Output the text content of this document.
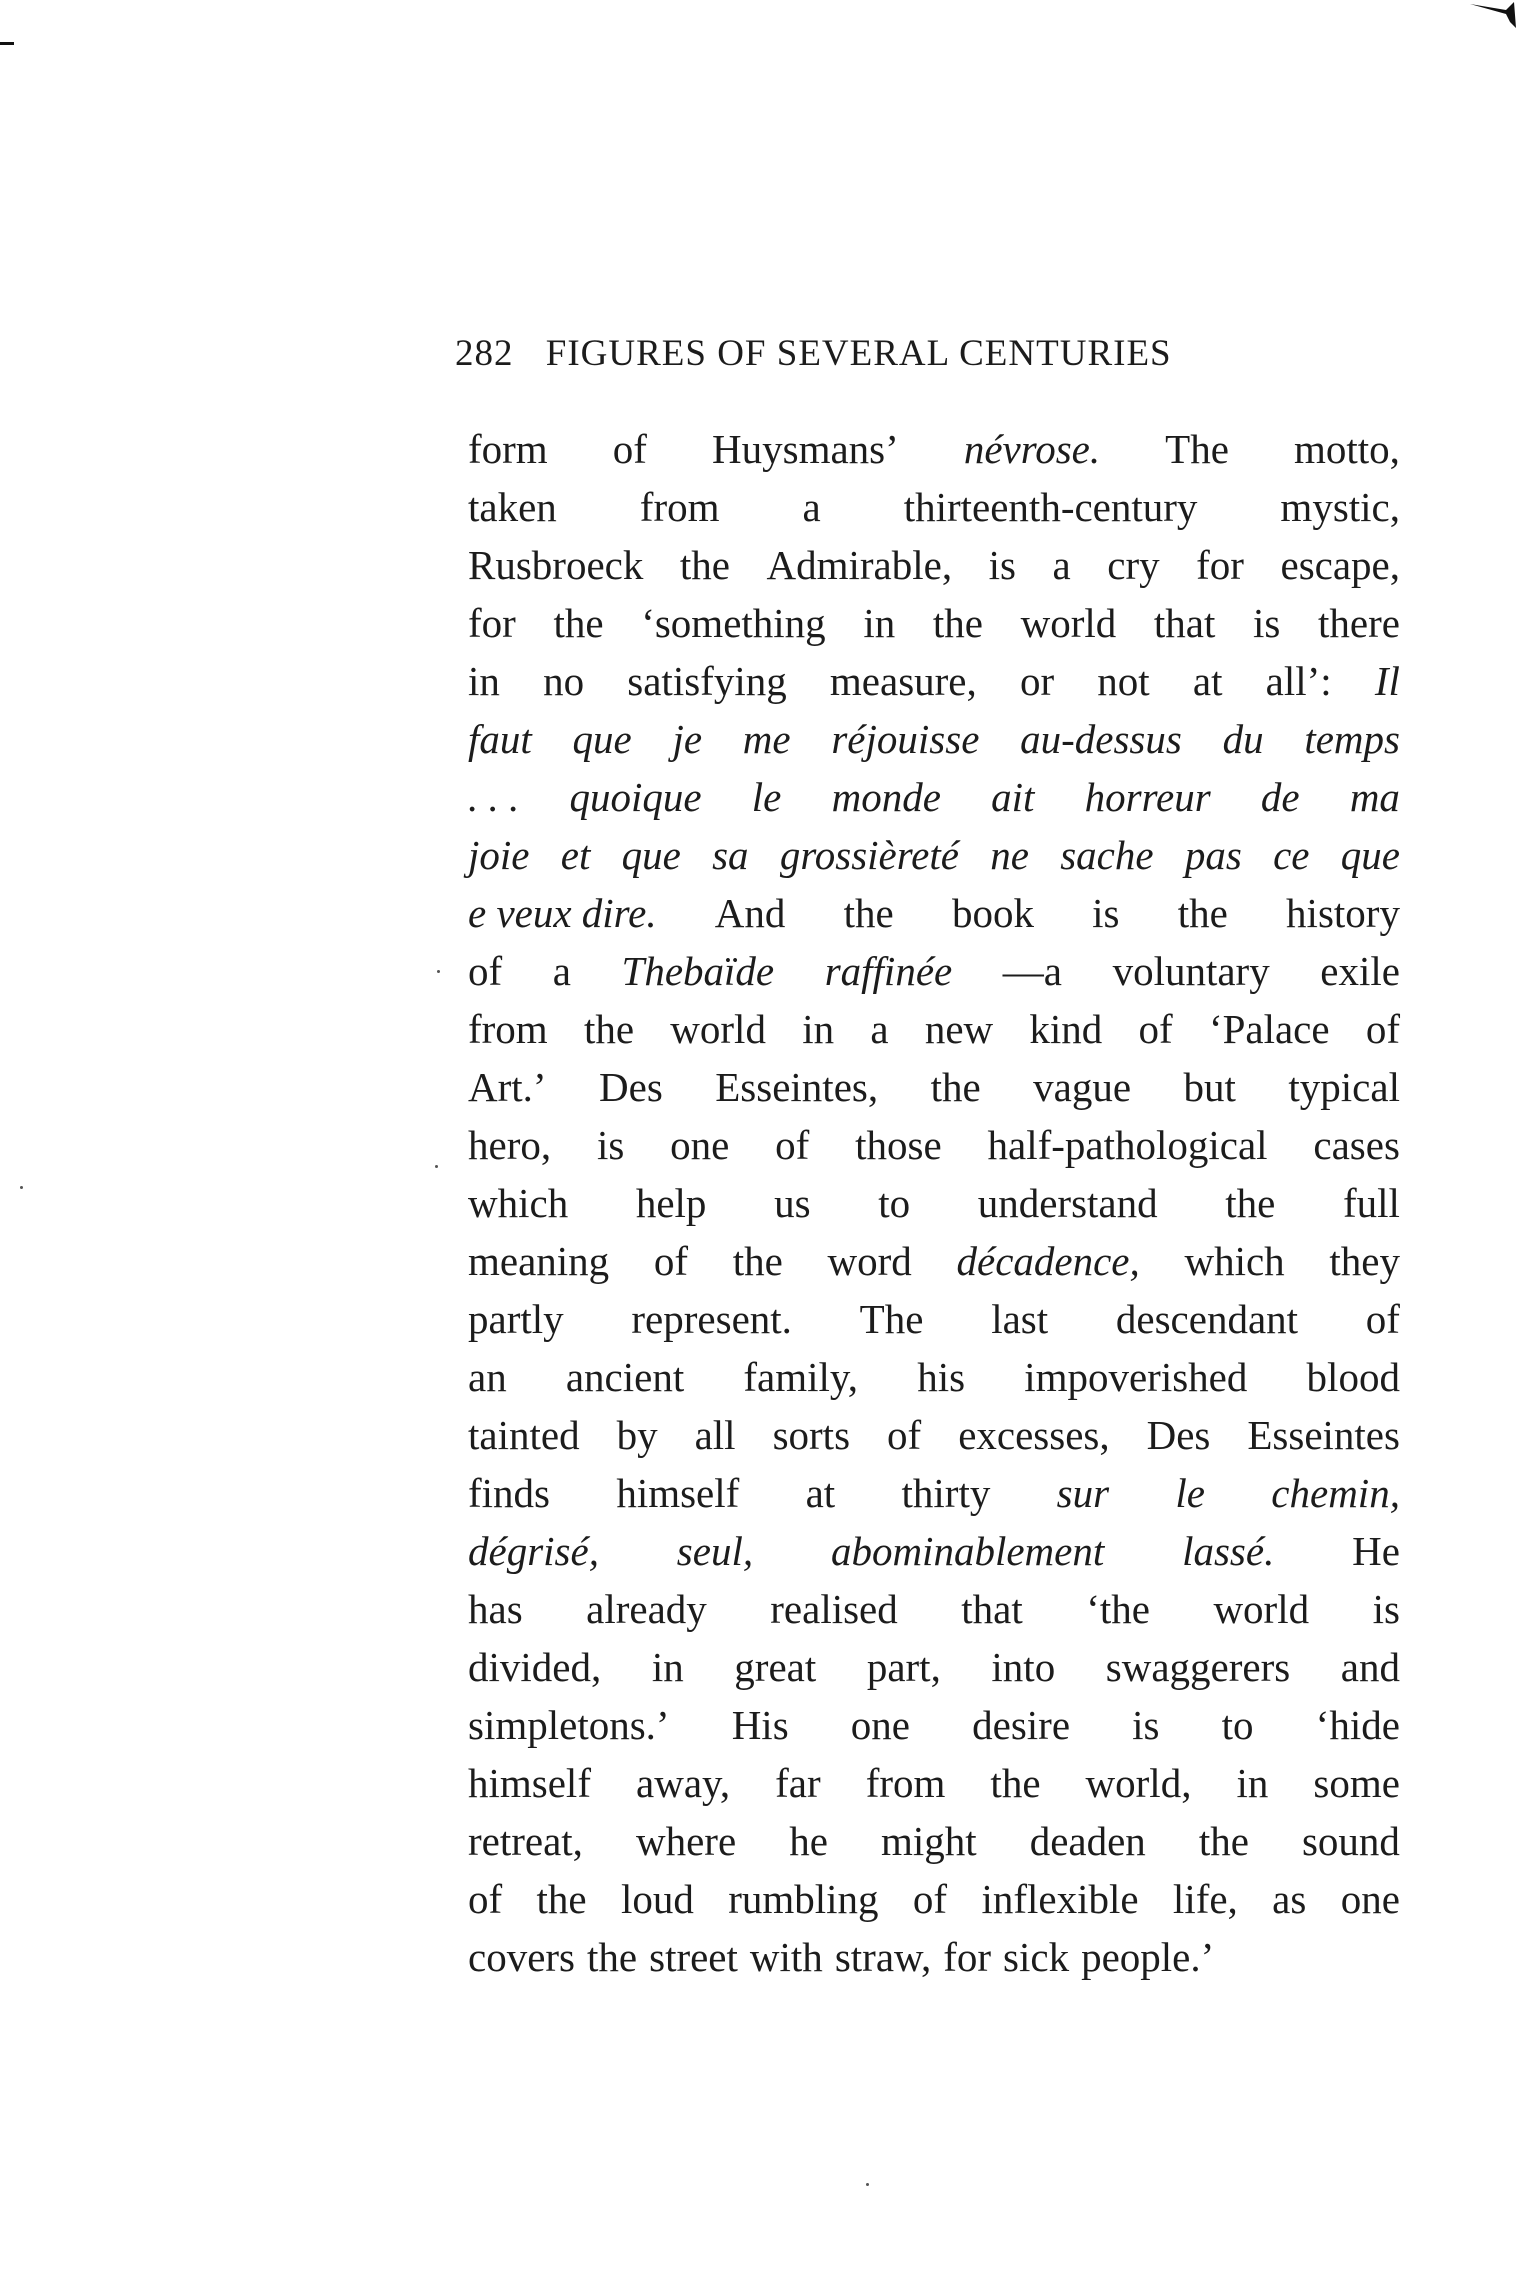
282 FIGURES OF SEVERAL CENTURIES
form of Huysmans’ névrose. The motto,
taken from a thirteenth-century mystic,
Rusbroeck the Admirable, is a cry for escape,
for the ‘something in the world that is there
in no satisfying measure, or not at all’: Il
faut que je me réjouisse au-dessus du temps
. . . quoique le monde ait horreur de ma
joie et que sa grossièreté ne sache pas ce que
e veux dire. And the book is the history
of a Thebaïde raffinée —a voluntary exile
from the world in a new kind of ‘Palace of
Art.’ Des Esseintes, the vague but typical
hero, is one of those half-pathological cases
which help us to understand the full
meaning of the word décadence, which they
partly represent. The last descendant of
an ancient family, his impoverished blood
tainted by all sorts of excesses, Des Esseintes
finds himself at thirty sur le chemin,
dégrisé, seul, abominablement lassé. He
has already realised that ‘the world is
divided, in great part, into swaggerers and
simpletons.’ His one desire is to ‘hide
himself away, far from the world, in some
retreat, where he might deaden the sound
of the loud rumbling of inflexible life, as one
covers the street with straw, for sick people.’
